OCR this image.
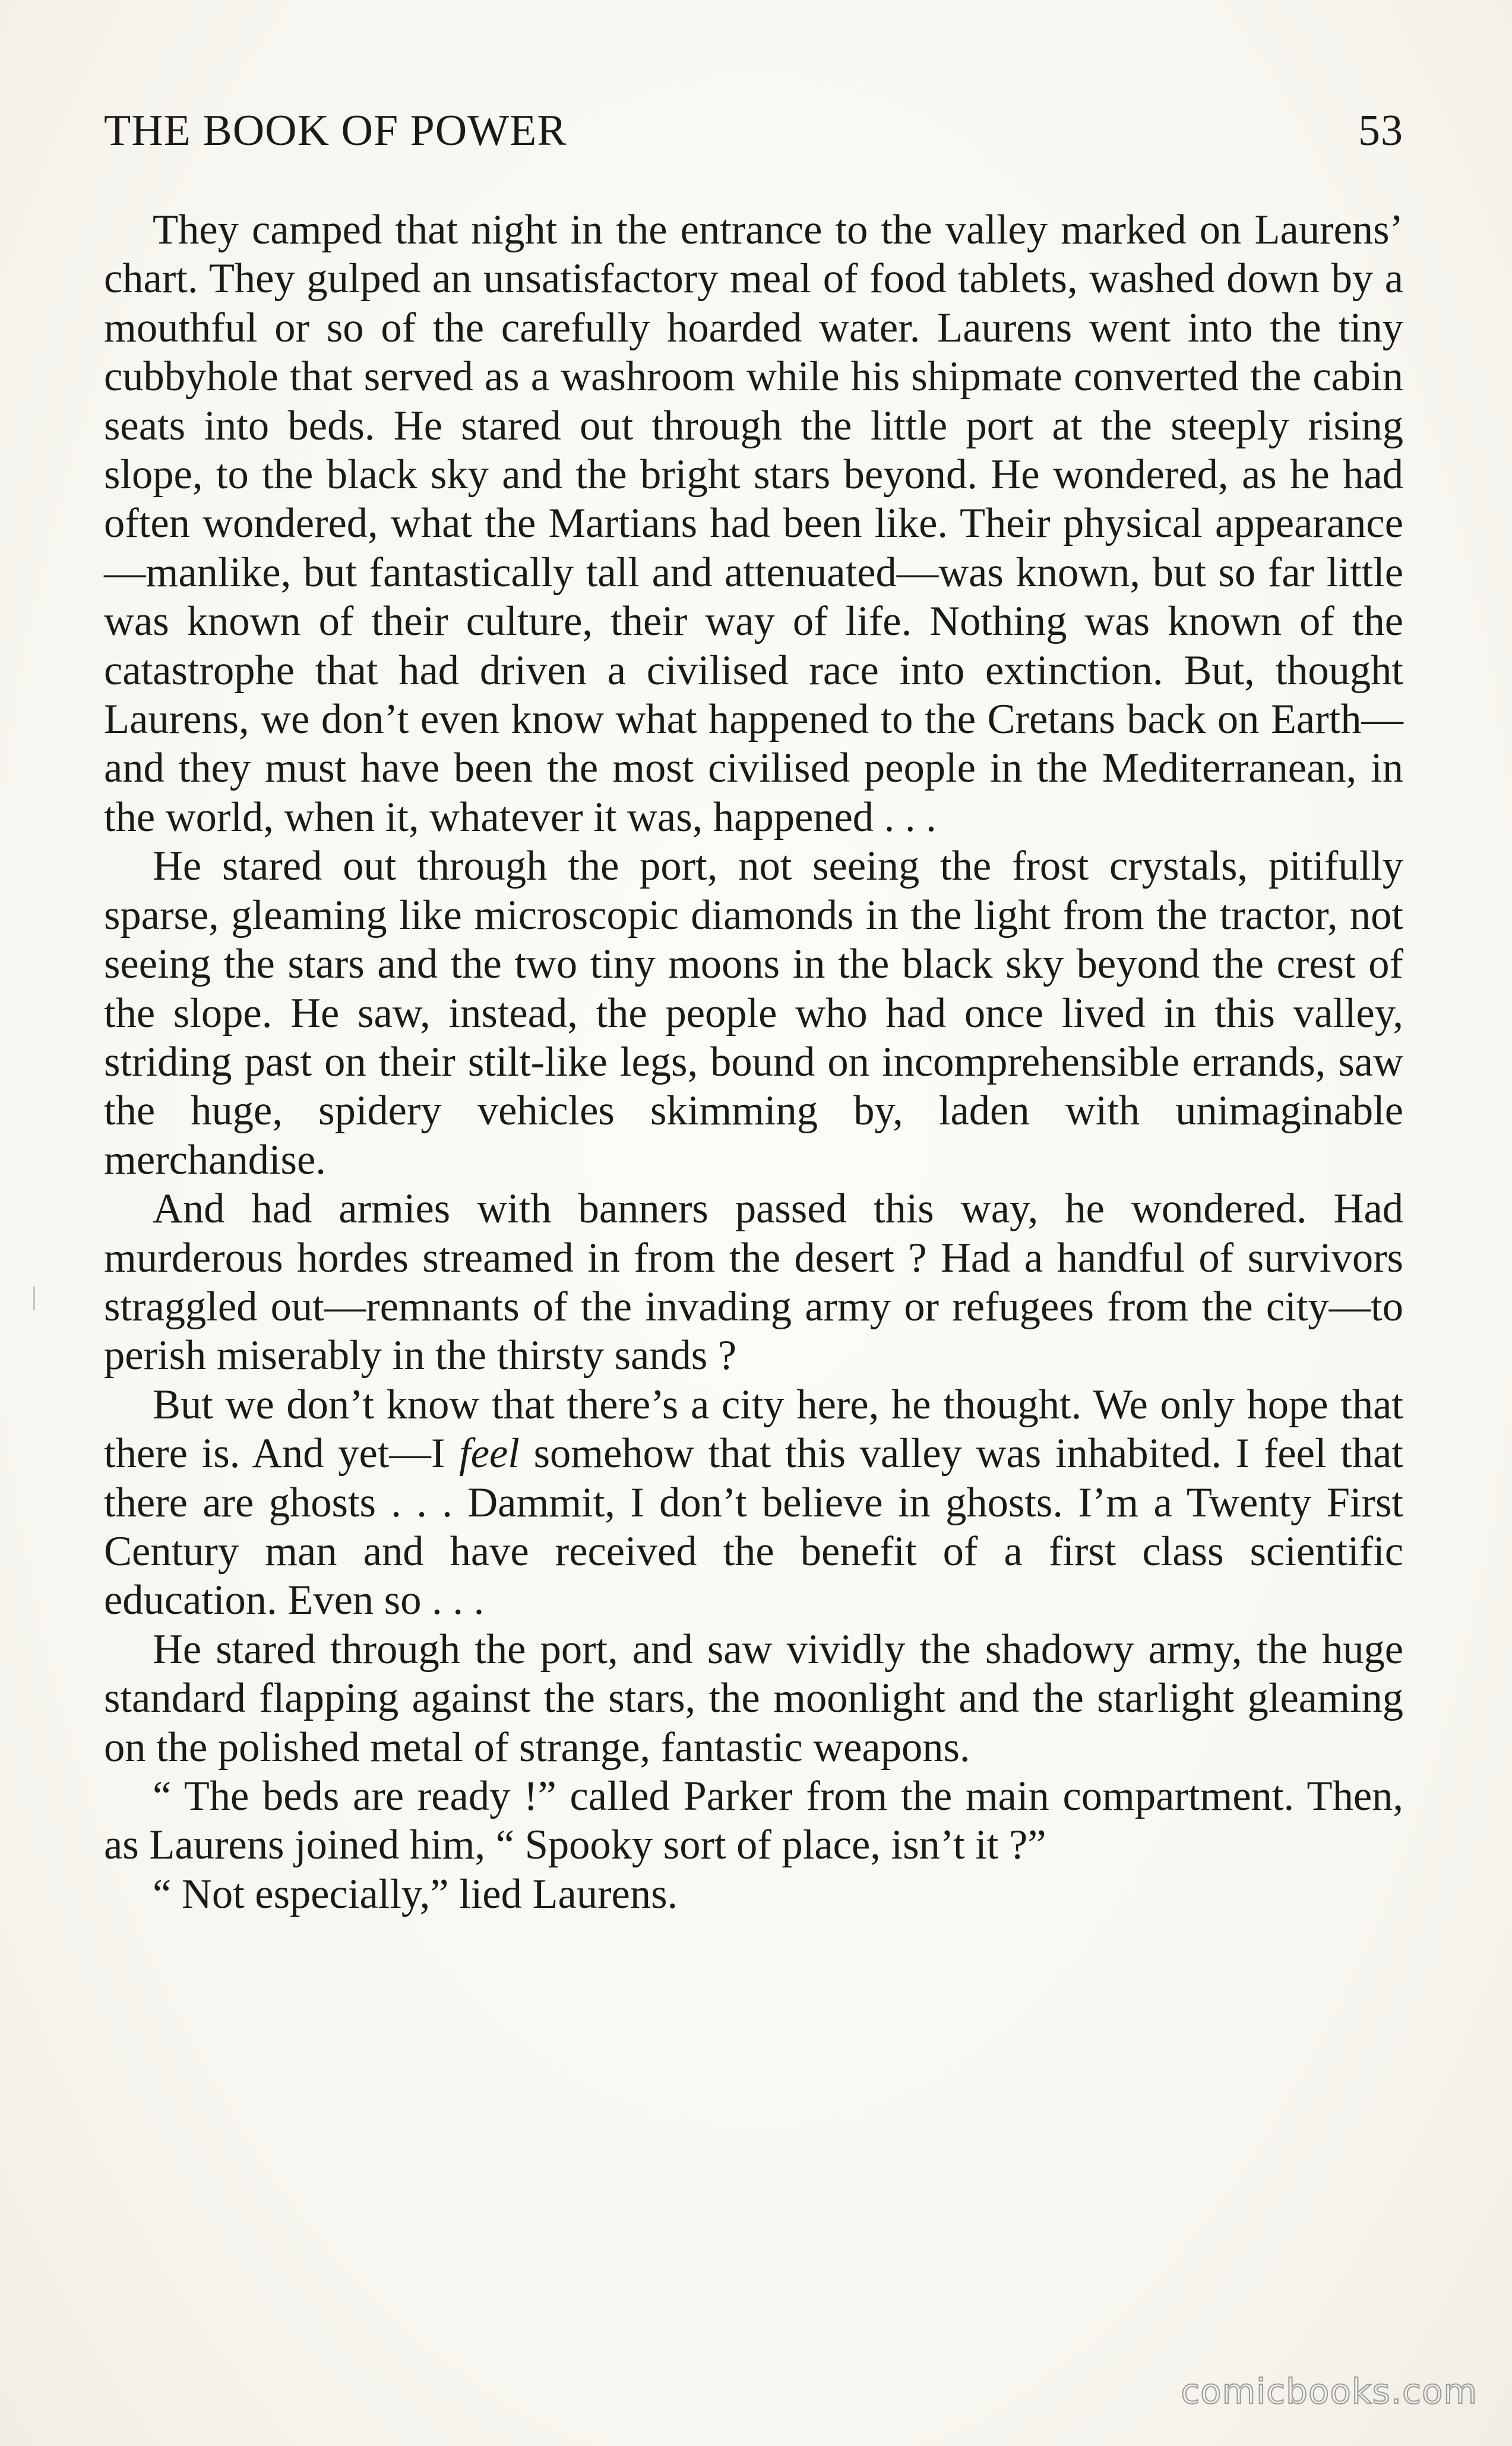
THE BOOK OF POWER	53

They camped that night in the entrance to the valley marked on Laurens’ chart. They gulped an unsatisfactory meal of food tablets, washed down by a mouthful or so of the carefully hoarded water. Laurens went into the tiny cubbyhole that served as a washroom while his shipmate converted the cabin seats into beds. He stared out through the little port at the steeply rising slope, to the black sky and the bright stars beyond. He wondered, as he had often wondered, what the Martians had been like. Their physical appearance—manlike, but fantastically tall and attenuated—was known, but so far little was known of their culture, their way of life. Nothing was known of the catastrophe that had driven a civilised race into extinction. But, thought Laurens, we don’t even know what happened to the Cretans back on Earth—and they must have been the most civilised people in the Mediterranean, in the world, when it, whatever it was, happened . . .

He stared out through the port, not seeing the frost crystals, pitifully sparse, gleaming like microscopic diamonds in the light from the tractor, not seeing the stars and the two tiny moons in the black sky beyond the crest of the slope. He saw, instead, the people who had once lived in this valley, striding past on their stilt-like legs, bound on incomprehensible errands, saw the huge, spidery vehicles skimming by, laden with unimaginable merchandise.

And had armies with banners passed this way, he wondered. Had murderous hordes streamed in from the desert ? Had a handful of survivors straggled out—remnants of the invading army or refugees from the city—to perish miserably in the thirsty sands ?

But we don’t know that there’s a city here, he thought. We only hope that there is. And yet—I feel somehow that this valley was inhabited. I feel that there are ghosts . . . Dammit, I don’t believe in ghosts. I’m a Twenty First Century man and have received the benefit of a first class scientific education. Even so . . .

He stared through the port, and saw vividly the shadowy army, the huge standard flapping against the stars, the moonlight and the starlight gleaming on the polished metal of strange, fantastic weapons.

“ The beds are ready !” called Parker from the main compartment. Then, as Laurens joined him, “ Spooky sort of place, isn’t it ?”

“ Not especially,” lied Laurens.

comicbooks.com
